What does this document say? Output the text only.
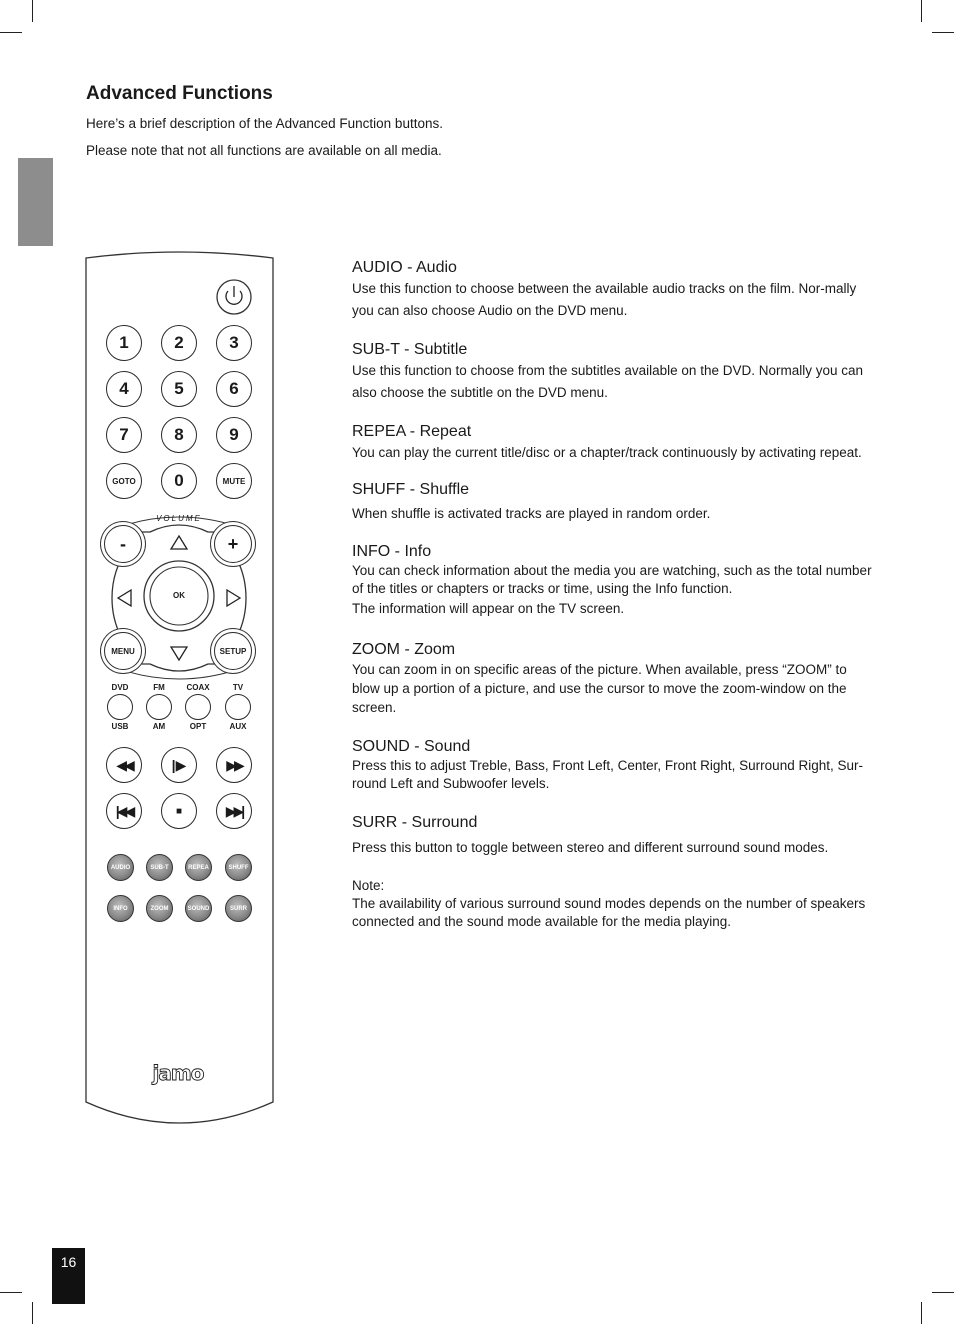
Advanced Functions

Here’s a brief description of the Advanced Function buttons.

Please note that not all functions are available on all media.

jamo
1	2	3
4	5	6
7	8	9
GOTO	0	MUTE
VOLUME
-	+
OK
MENU	SETUP
DVD	FM	COAX	TV
USB	AM	OPT	AUX
◀◀	|▶	▶▶
|◀◀	■	▶▶|
AUDIO	SUB-T	REPEA	SHUFF
INFO	ZOOM	SOUND	SURR
AUDIO - Audio

Use this function to choose between the available audio tracks on the film. Nor-mally you can also choose Audio on the DVD menu.

SUB-T - Subtitle

Use this function to choose from the subtitles available on the DVD. Normally you can also choose the subtitle on the DVD menu.

REPEA - Repeat

You can play the current title/disc or a chapter/track continuously by activating repeat.

SHUFF - Shuffle

When shuffle is activated tracks are played in random order.

INFO - Info

You can check information about the media you are watching, such as the total number of the titles or chapters or tracks or time, using the Info function.

The information will appear on the TV screen.

ZOOM - Zoom

You can zoom in on specific areas of the picture. When available, press “ZOOM” to blow up a portion of a picture, and use the cursor to move the zoom-window on the screen.

SOUND - Sound

Press this to adjust Treble, Bass, Front Left, Center, Front Right, Surround Right, Sur-round Left and Subwoofer levels.

SURR - Surround

Press this button to toggle between stereo and different surround sound modes.

Note:

The availability of various surround sound modes depends on the number of speakers connected and the sound mode available for the media playing.

16
